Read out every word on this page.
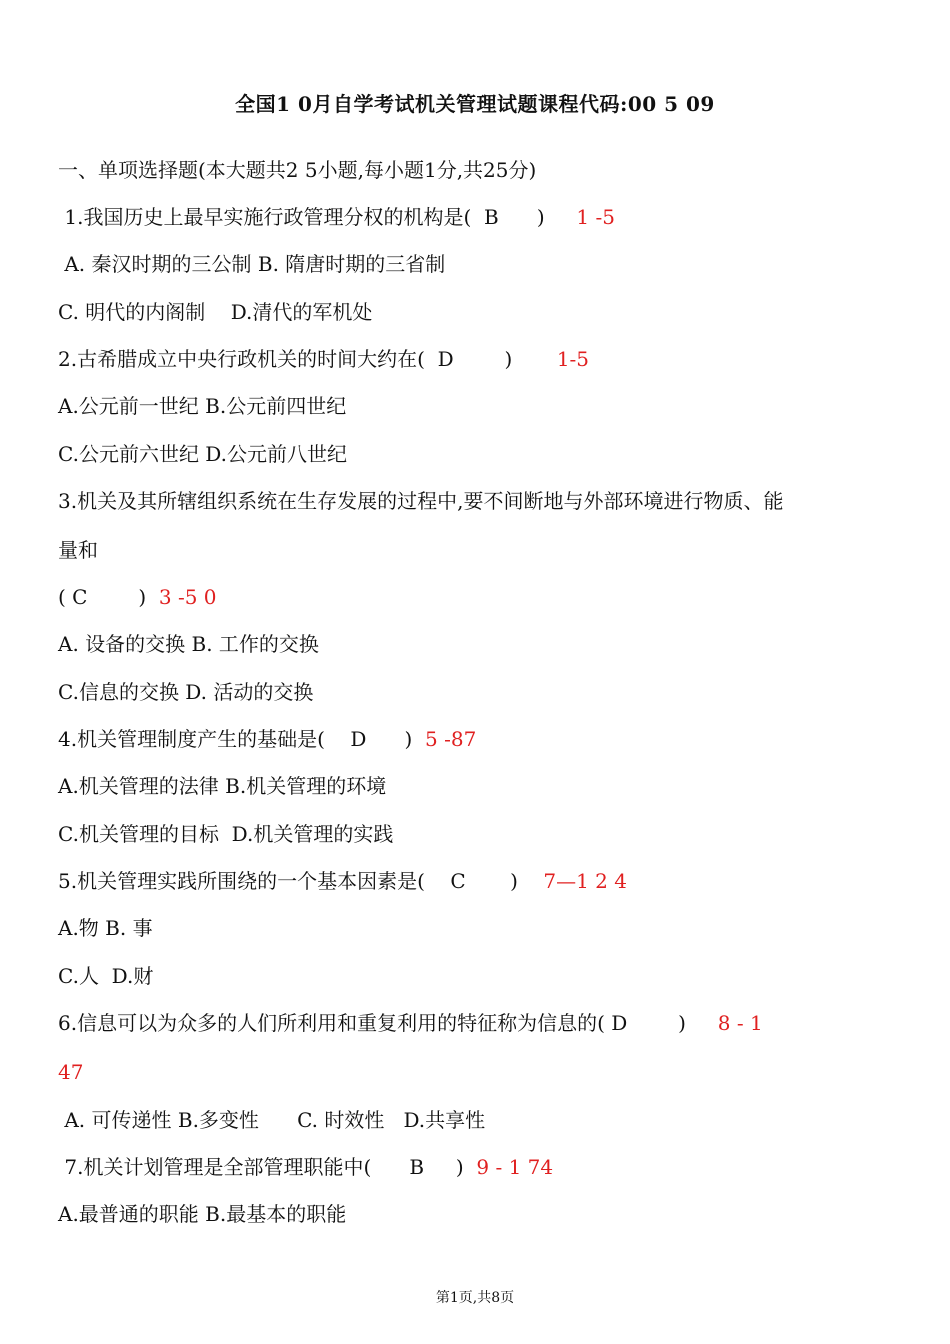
全国1 0月自学考试机关管理试题课程代码:00 5 09
一、单项选择题(本大题共2 5小题,每小题1分,共25分)
1.我国历史上最早实施行政管理分权的机构是(  B      )     1 -5
A. 秦汉时期的三公制 B. 隋唐时期的三省制
C. 明代的内阁制    D.清代的军机处
2.古希腊成立中央行政机关的时间大约在(  D        )       1-5
A.公元前一世纪 B.公元前四世纪
C.公元前六世纪 D.公元前八世纪
3.机关及其所辖组织系统在生存发展的过程中,要不间断地与外部环境进行物质、能
量和
( C        )  3 -5 0
A. 设备的交换 B. 工作的交换
C.信息的交换 D. 活动的交换
4.机关管理制度产生的基础是(    D      )  5 -87
A.机关管理的法律 B.机关管理的环境
C.机关管理的目标  D.机关管理的实践
5.机关管理实践所围绕的一个基本因素是(    C       )    7—1 2 4
A.物 B. 事
C.人  D.财
6.信息可以为众多的人们所利用和重复利用的特征称为信息的( D        )     8 - 1
47
A. 可传递性 B.多变性      C. 时效性   D.共享性
7.机关计划管理是全部管理职能中(      B     )  9 - 1 74
A.最普通的职能 B.最基本的职能
第1页,共8页
